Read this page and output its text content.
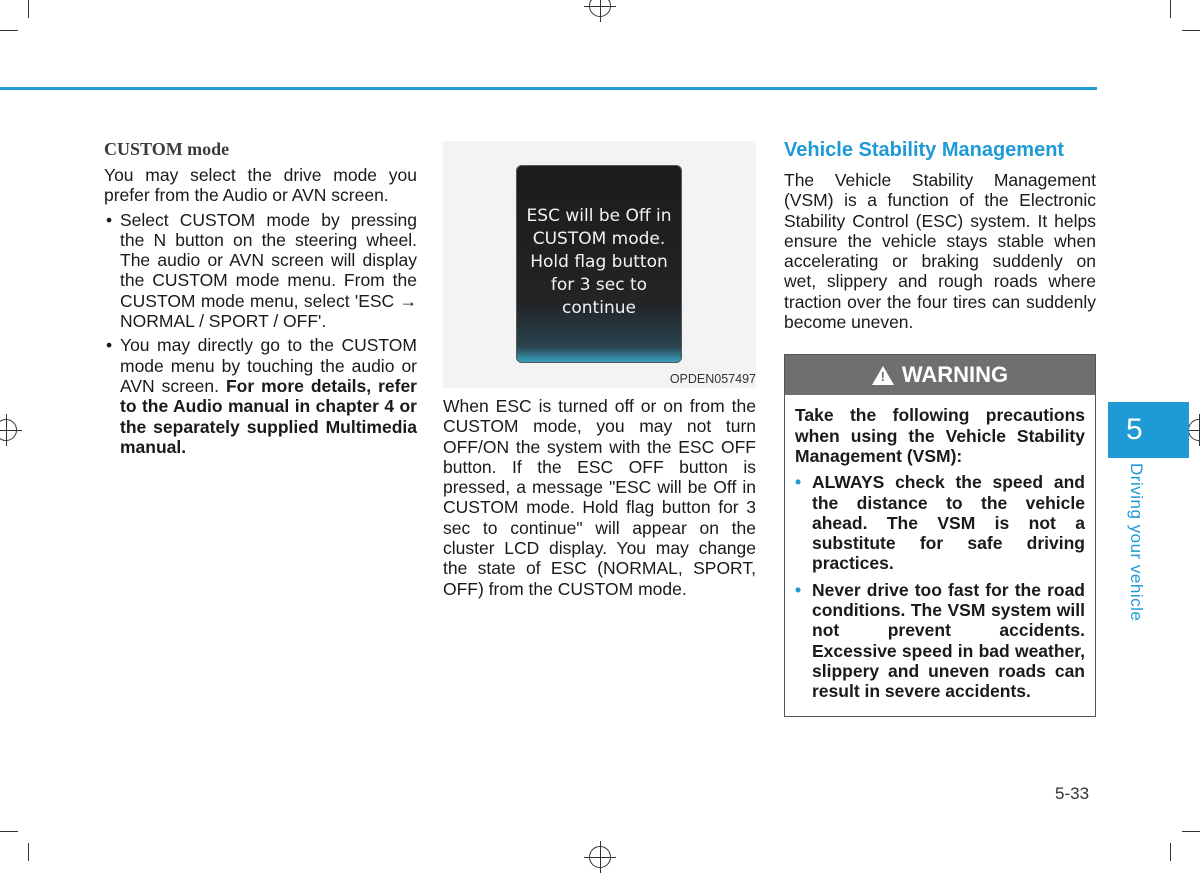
CUSTOM mode

You may select the drive mode you prefer from the Audio or AVN screen.

• Select CUSTOM mode by pressing the N button on the steering wheel. The audio or AVN screen will display the CUSTOM mode menu. From the CUSTOM mode menu, select 'ESC → NORMAL / SPORT / OFF'.
• You may directly go to the CUSTOM mode menu by touching the audio or AVN screen. For more details, refer to the Audio manual in chapter 4 or the separately supplied Multimedia manual.
ESC will be Off in
CUSTOM mode.
Hold flag button
for 3 sec to
continue
OPDEN057497

When ESC is turned off or on from the CUSTOM mode, you may not turn OFF/ON the system with the ESC OFF button. If the ESC OFF button is pressed, a message "ESC will be Off in CUSTOM mode. Hold flag button for 3 sec to continue" will appear on the cluster LCD display. You may change the state of ESC (NORMAL, SPORT, OFF) from the CUSTOM mode.

Vehicle Stability Management

The Vehicle Stability Management (VSM) is a function of the Electronic Stability Control (ESC) system. It helps ensure the vehicle stays stable when accelerating or braking suddenly on wet, slippery and rough roads where traction over the four tires can suddenly become uneven.

! WARNING

Take the following precautions when using the Vehicle Stability Management (VSM):

• ALWAYS check the speed and the distance to the vehicle ahead. The VSM is not a substitute for safe driving practices.
• Never drive too fast for the road conditions. The VSM system will not prevent accidents. Excessive speed in bad weather, slippery and uneven roads can result in severe accidents.
5
Driving your vehicle
5-33
